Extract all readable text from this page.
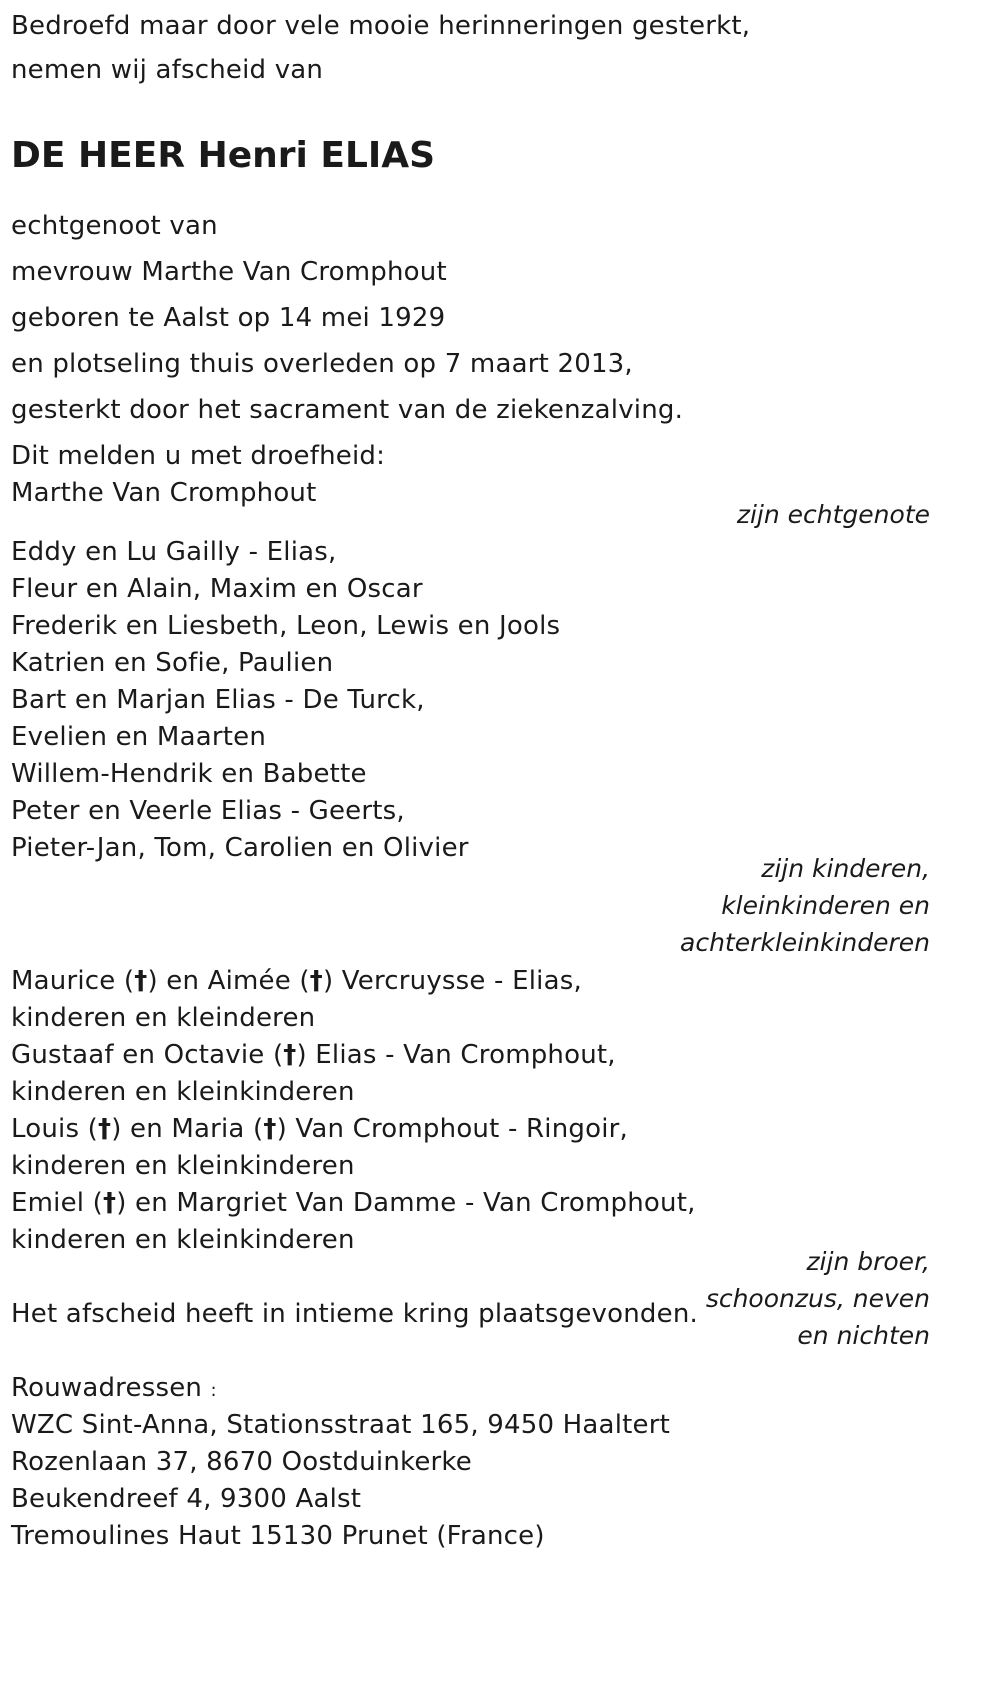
Bedroefd maar door vele mooie herinneringen gesterkt,
nemen wij afscheid van
DE HEER Henri ELIAS
echtgenoot van
mevrouw Marthe Van Cromphout
geboren te Aalst op 14 mei 1929
en plotseling thuis overleden op 7 maart 2013,
gesterkt door het sacrament van de ziekenzalving.
Dit melden u met droefheid:
Marthe Van Cromphout
zijn echtgenote
Eddy en Lu Gailly - Elias,
Fleur en Alain, Maxim en Oscar
Frederik en Liesbeth, Leon, Lewis en Jools
Katrien en Sofie, Paulien
Bart en Marjan Elias - De Turck,
Evelien en Maarten
Willem-Hendrik en Babette
Peter en Veerle Elias - Geerts,
Pieter-Jan, Tom, Carolien en Olivier
zijn kinderen,
kleinkinderen en
achterkleinkinderen
Maurice (†) en Aimée (†) Vercruysse - Elias,
kinderen en kleinderen
Gustaaf en Octavie (†) Elias - Van Cromphout,
kinderen en kleinkinderen
Louis (†) en Maria (†) Van Cromphout - Ringoir,
kinderen en kleinkinderen
Emiel (†) en Margriet Van Damme - Van Cromphout,
kinderen en kleinkinderen
zijn broer,
schoonzus, neven
en nichten
Het afscheid heeft in intieme kring plaatsgevonden.
Rouwadressen :
WZC Sint-Anna, Stationsstraat 165, 9450 Haaltert
Rozenlaan 37, 8670 Oostduinkerke
Beukendreef 4, 9300 Aalst
Tremoulines Haut 15130 Prunet (France)
